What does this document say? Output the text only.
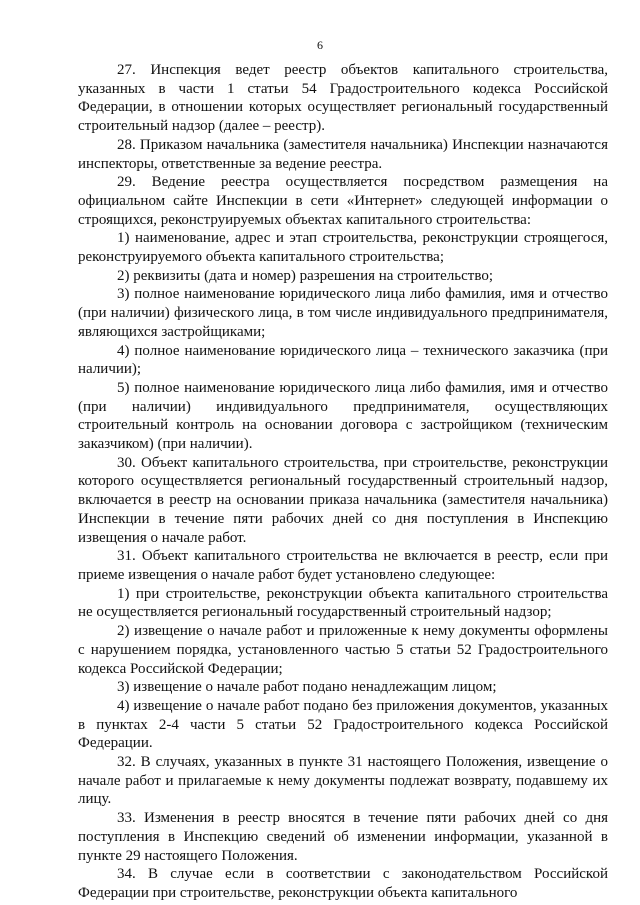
6

27. Инспекция ведет реестр объектов капитального строительства, указанных в части 1 статьи 54 Градостроительного кодекса Российской Федерации, в отношении которых осуществляет региональный государственный строительный надзор (далее – реестр).

28. Приказом начальника (заместителя начальника) Инспекции назначаются инспекторы, ответственные за ведение реестра.

29. Ведение реестра осуществляется посредством размещения на официальном сайте Инспекции в сети «Интернет» следующей информации о строящихся, реконструируемых объектах капитального строительства:

1) наименование, адрес и этап строительства, реконструкции строящегося, реконструируемого объекта капитального строительства;

2) реквизиты (дата и номер) разрешения на строительство;

3) полное наименование юридического лица либо фамилия, имя и отчество (при наличии) физического лица, в том числе индивидуального предпринимателя, являющихся застройщиками;

4) полное наименование юридического лица – технического заказчика (при наличии);

5) полное наименование юридического лица либо фамилия, имя и отчество (при наличии) индивидуального предпринимателя, осуществляющих строительный контроль на основании договора с застройщиком (техническим заказчиком) (при наличии).

30. Объект капитального строительства, при строительстве, реконструкции которого осуществляется региональный государственный строительный надзор, включается в реестр на основании приказа начальника (заместителя начальника) Инспекции в течение пяти рабочих дней со дня поступления в Инспекцию извещения о начале работ.

31. Объект капитального строительства не включается в реестр, если при приеме извещения о начале работ будет установлено следующее:

1) при строительстве, реконструкции объекта капитального строительства не осуществляется региональный государственный строительный надзор;

2) извещение о начале работ и приложенные к нему документы оформлены с нарушением порядка, установленного частью 5 статьи 52 Градостроительного кодекса Российской Федерации;

3) извещение о начале работ подано ненадлежащим лицом;

4) извещение о начале работ подано без приложения документов, указанных в пунктах 2-4 части 5 статьи 52 Градостроительного кодекса Российской Федерации.

32. В случаях, указанных в пункте 31 настоящего Положения, извещение о начале работ и прилагаемые к нему документы подлежат возврату, подавшему их лицу.

33. Изменения в реестр вносятся в течение пяти рабочих дней со дня поступления в Инспекцию сведений об изменении информации, указанной в пункте 29 настоящего Положения.

34. В случае если в соответствии с законодательством Российской Федерации при строительстве, реконструкции объекта капитального
